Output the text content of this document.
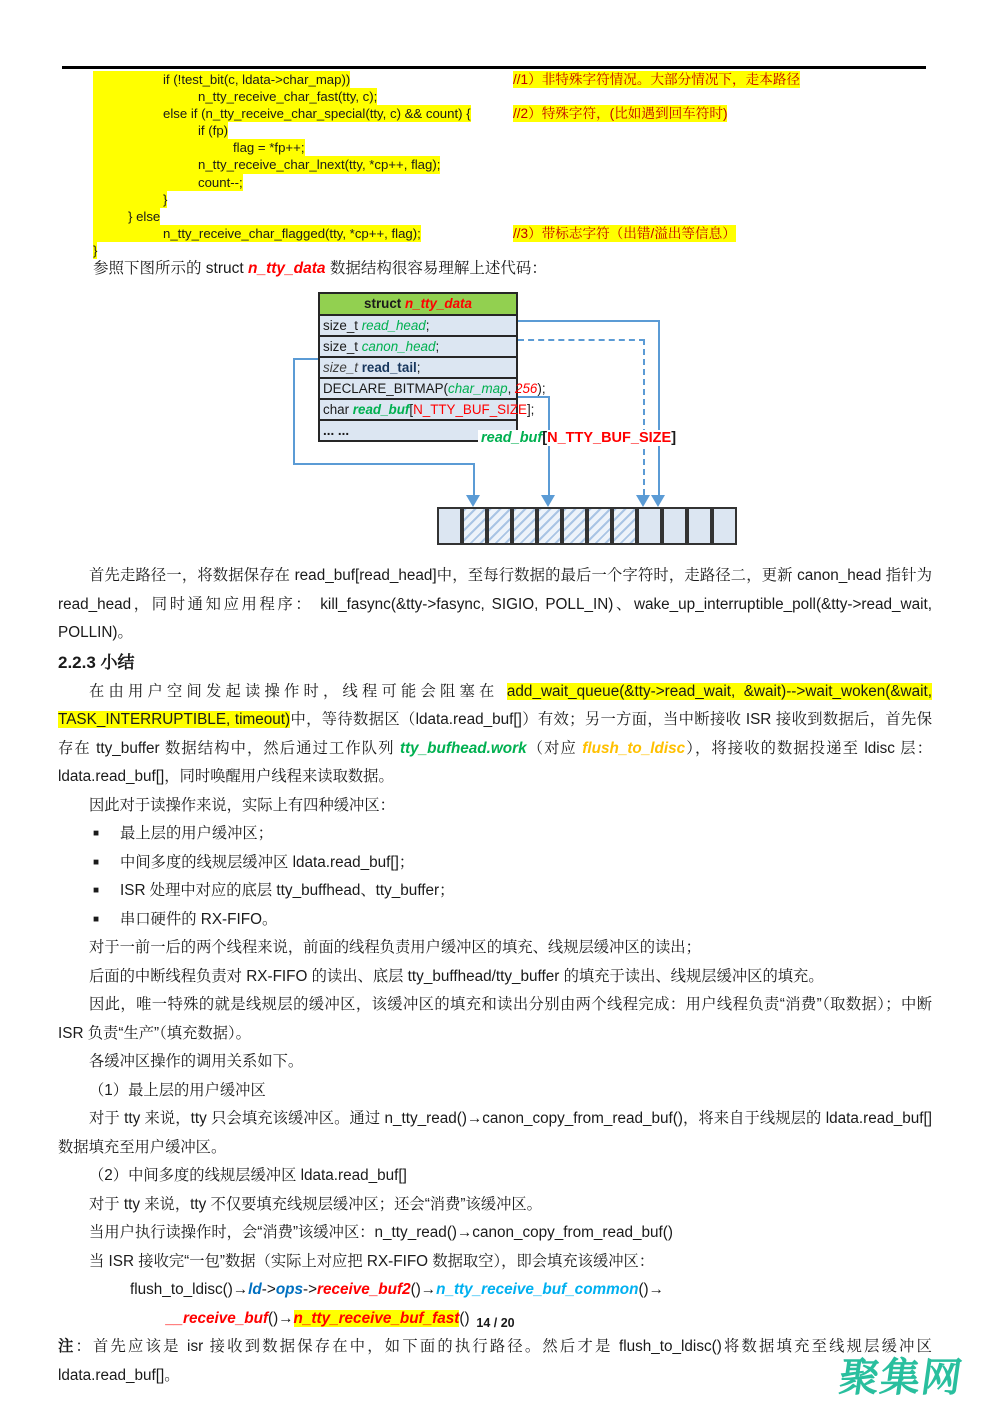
if (!test_bit(c, ldata->char_map))	//1）非特殊字符情况。大部分情况下，走本路径
n_tty_receive_char_fast(tty, c);
else if (n_tty_receive_char_special(tty, c) && count) {	//2）特殊字符，(比如遇到回车符时)
if (fp)
flag = *fp++;
n_tty_receive_char_lnext(tty, *cp++, flag);
count--;
}
} else
n_tty_receive_char_flagged(tty, *cp++, flag);	//3）带标志字符（出错/溢出等信息）
}
参照下图所示的 struct n_tty_data 数据结构很容易理解上述代码：
struct n_tty_data
size_t read_head;
size_t canon_head;
size_t read_tail;
DECLARE_BITMAP(char_map, 256);
char read_buf[N_TTY_BUF_SIZE];
... ...	read_buf[N_TTY_BUF_SIZE]

首先走路径一，将数据保存在 read_buf[read_head]中，至每行数据的最后一个字符时，走路径二，更新 canon_head 指针为 read_head，同时通知应用程序： kill_fasync(&tty->fasync, SIGIO, POLL_IN)、wake_up_interruptible_poll(&tty->read_wait, POLLIN)。

2.2.3 小结

在由用户空间发起读操作时，线程可能会阻塞在 add_wait_queue(&tty->read_wait, &wait)-->wait_woken(&wait, TASK_INTERRUPTIBLE, timeout)中，等待数据区（ldata.read_buf[]）有效；另一方面，当中断接收 ISR 接收到数据后，首先保存在 tty_buffer 数据结构中，然后通过工作队列 tty_bufhead.work（对应 flush_to_ldisc），将接收的数据投递至 ldisc 层：ldata.read_buf[]，同时唤醒用户线程来读取数据。

因此对于读操作来说，实际上有四种缓冲区：

■ 最上层的用户缓冲区；
■ 中间多度的线规层缓冲区 ldata.read_buf[]；
■ ISR 处理中对应的底层 tty_buffhead、tty_buffer；
■ 串口硬件的 RX-FIFO。

对于一前一后的两个线程来说，前面的线程负责用户缓冲区的填充、线规层缓冲区的读出；

后面的中断线程负责对 RX-FIFO 的读出、底层 tty_buffhead/tty_buffer 的填充于读出、线规层缓冲区的填充。

因此，唯一特殊的就是线规层的缓冲区，该缓冲区的填充和读出分别由两个线程完成：用户线程负责“消费”（取数据）；中断 ISR 负责“生产”（填充数据）。

各缓冲区操作的调用关系如下。

（1）最上层的用户缓冲区

对于 tty 来说，tty 只会填充该缓冲区。通过 n_tty_read()→canon_copy_from_read_buf()，将来自于线规层的 ldata.read_buf[]数据填充至用户缓冲区。

（2）中间多度的线规层缓冲区 ldata.read_buf[]

对于 tty 来说，tty 不仅要填充线规层缓冲区；还会“消费”该缓冲区。

当用户执行读操作时，会“消费”该缓冲区：n_tty_read()→canon_copy_from_read_buf()

当 ISR 接收完“一包”数据（实际上对应把 RX-FIFO 数据取空），即会填充该缓冲区：

flush_to_ldisc()→ld->ops->receive_buf2()→n_tty_receive_buf_common()→

__receive_buf()→n_tty_receive_buf_fast()

注：首先应该是 isr 接收到数据保存在中，如下面的执行路径。然后才是 flush_to_ldisc()将数据填充至线规层缓冲区 ldata.read_buf[]。

14 / 20
聚集网
